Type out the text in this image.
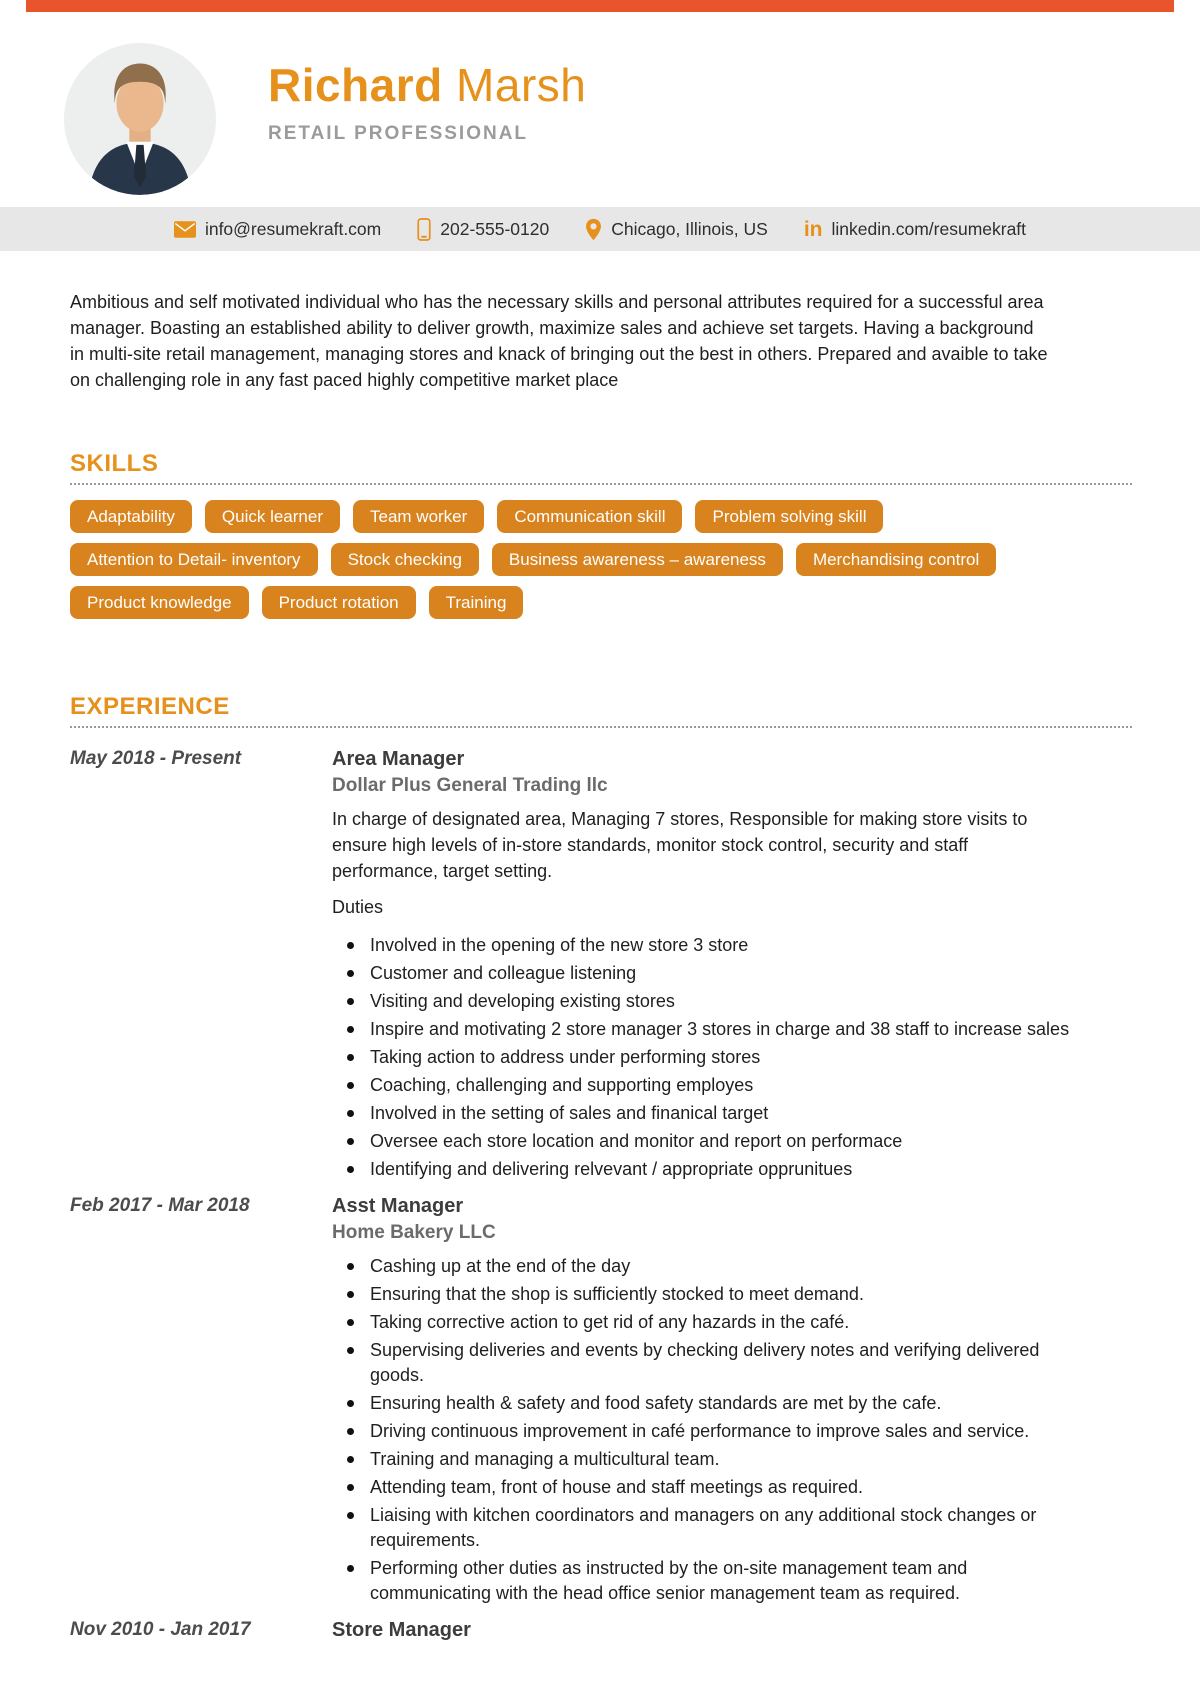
Richard Marsh
RETAIL PROFESSIONAL
info@resumekraft.com	202-555-0120	Chicago, Illinois, US in linkedin.com/resumekraft

Ambitious and self motivated individual who has the necessary skills and personal attributes required for a successful area manager. Boasting an established ability to deliver growth, maximize sales and achieve set targets. Having a background in multi-site retail management, managing stores and knack of bringing out the best in others. Prepared and avaible to take on challenging role in any fast paced highly competitive market place

SKILLS
Adaptability	Quick learner	Team worker	Communication skill	Problem solving skill
Attention to Detail- inventory	Stock checking	Business awareness – awareness	Merchandising control
Product knowledge	Product rotation	Training
EXPERIENCE
May 2018 - Present	Area Manager
Dollar Plus General Trading llc

In charge of designated area, Managing 7 stores, Responsible for making store visits to ensure high levels of in-store standards, monitor stock control, security and staff performance, target setting.

Duties
Involved in the opening of the new store 3 store
Customer and colleague listening
Visiting and developing existing stores
Inspire and motivating 2 store manager 3 stores in charge and 38 staff to increase sales
Taking action to address under performing stores
Coaching, challenging and supporting employes
Involved in the setting of sales and finanical target
Oversee each store location and monitor and report on performace
Identifying and delivering relvevant / appropriate opprunitues
Feb 2017 - Mar 2018	Asst Manager
Home Bakery LLC
Cashing up at the end of the day
Ensuring that the shop is sufficiently stocked to meet demand.
Taking corrective action to get rid of any hazards in the café.
Supervising deliveries and events by checking delivery notes and verifying delivered goods.
Ensuring health & safety and food safety standards are met by the cafe.
Driving continuous improvement in café performance to improve sales and service.
Training and managing a multicultural team.
Attending team, front of house and staff meetings as required.
Liaising with kitchen coordinators and managers on any additional stock changes or requirements.
Performing other duties as instructed by the on-site management team and communicating with the head office senior management team as required.
Nov 2010 - Jan 2017	Store Manager
